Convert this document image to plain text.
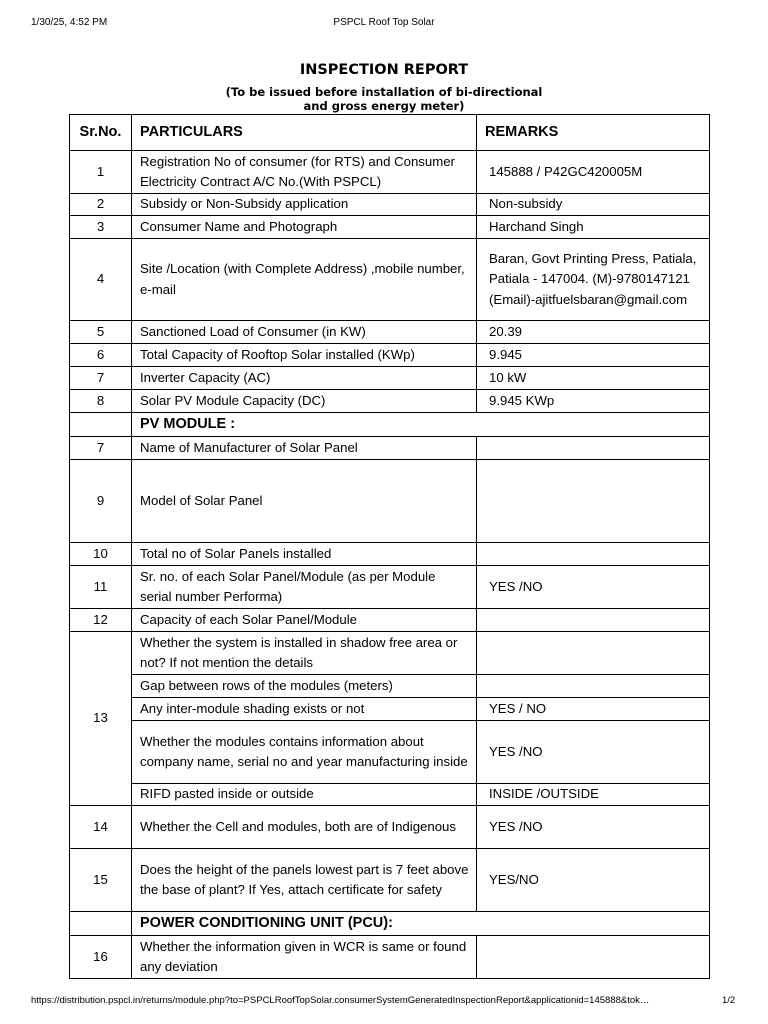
1/30/25, 4:52 PM	PSPCL Roof Top Solar
INSPECTION REPORT
(To be issued before installation of bi-directional
and gross energy meter)
Sr.No.	PARTICULARS	REMARKS
1	Registration No of consumer (for RTS) and Consumer Electricity Contract A/C No.(With PSPCL)	145888 / P42GC420005M
2	Subsidy or Non-Subsidy application	Non-subsidy
3	Consumer Name and Photograph	Harchand Singh
4	Site /Location (with Complete Address) ,mobile number, e-mail	Baran, Govt Printing Press, Patiala, Patiala - 147004. (M)-9780147121 (Email)-ajitfuelsbaran@gmail.com
5	Sanctioned Load of Consumer (in KW)	20.39
6	Total Capacity of Rooftop Solar installed (KWp)	9.945
7	Inverter Capacity (AC)	10 kW
8	Solar PV Module Capacity (DC)	9.945 KWp
	PV MODULE :	
7	Name of Manufacturer of Solar Panel	
9	Model of Solar Panel	
10	Total no of Solar Panels installed	
11	Sr. no. of each Solar Panel/Module (as per Module serial number Performa)	YES /NO
12	Capacity of each Solar Panel/Module	
13	Whether the system is installed in shadow free area or not? If not mention the details	
	Gap between rows of the modules (meters)	
	Any inter-module shading exists or not	YES / NO
	Whether the modules contains information about company name, serial no and year manufacturing inside	YES /NO
	RIFD pasted inside or outside	INSIDE /OUTSIDE
14	Whether the Cell and modules, both are of Indigenous	YES /NO
15	Does the height of the panels lowest part is 7 feet above the base of plant? If Yes, attach certificate for safety	YES/NO
	POWER CONDITIONING UNIT (PCU):	
16	Whether the information given in WCR is same or found any deviation	
https://distribution.pspcl.in/returns/module.php?to=PSPCLRoofTopSolar.consumerSystemGeneratedInspectionReport&applicationid=145888&tok…	1/2
